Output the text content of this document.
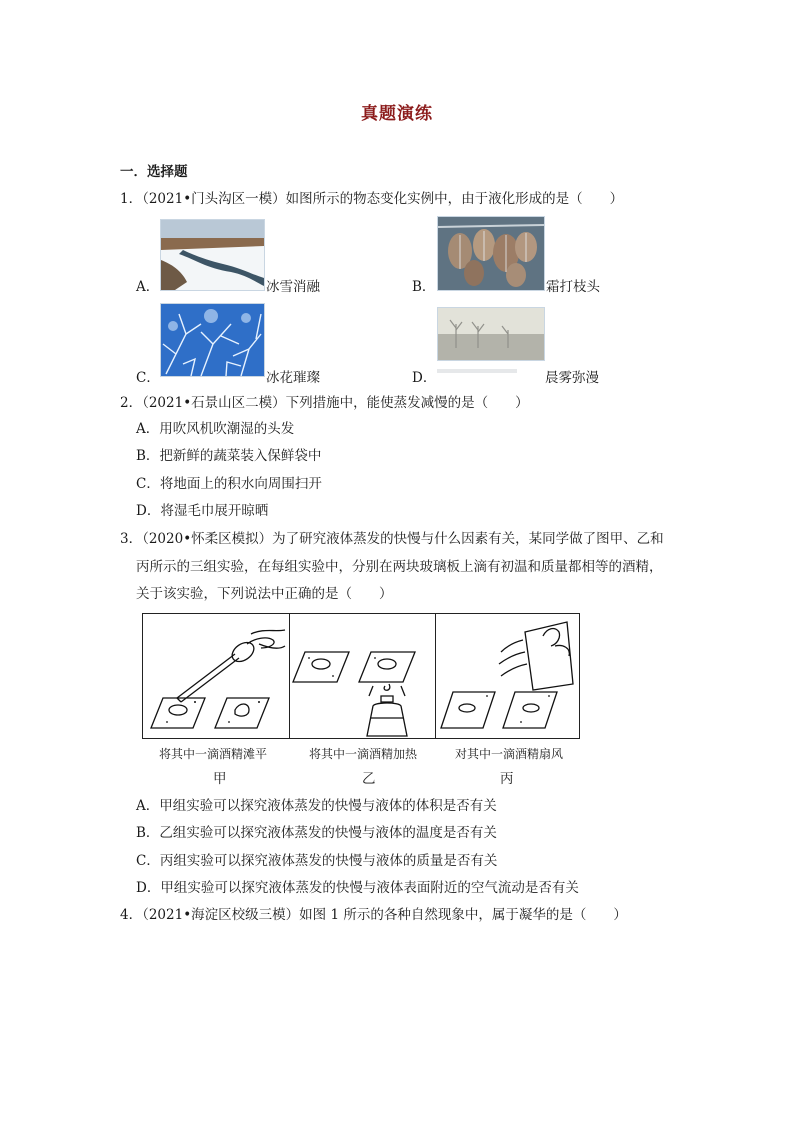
真题演练
一．选择题
1．（2021•门头沟区一模）如图所示的物态变化实例中，由于液化形成的是（　　）
A．	冰雪消融	B．	霜打枝头
C．	冰花璀璨	D．	晨雾弥漫
2．（2021•石景山区二模）下列措施中，能使蒸发减慢的是（　　）
A．用吹风机吹潮湿的头发
B．把新鲜的蔬菜装入保鲜袋中
C．将地面上的积水向周围扫开
D．将湿毛巾展开晾晒
3．（2020•怀柔区模拟）为了研究液体蒸发的快慢与什么因素有关，某同学做了图甲、乙和
丙所示的三组实验，在每组实验中，分别在两块玻璃板上滴有初温和质量都相等的酒精，
关于该实验，下列说法中正确的是（　　）
将其中一滴酒精滩平	将其中一滴酒精加热	对其中一滴酒精扇风
甲	乙	丙
A．甲组实验可以探究液体蒸发的快慢与液体的体积是否有关
B．乙组实验可以探究液体蒸发的快慢与液体的温度是否有关
C．丙组实验可以探究液体蒸发的快慢与液体的质量是否有关
D．甲组实验可以探究液体蒸发的快慢与液体表面附近的空气流动是否有关
4．（2021•海淀区校级三模）如图 1 所示的各种自然现象中，属于凝华的是（　　）
